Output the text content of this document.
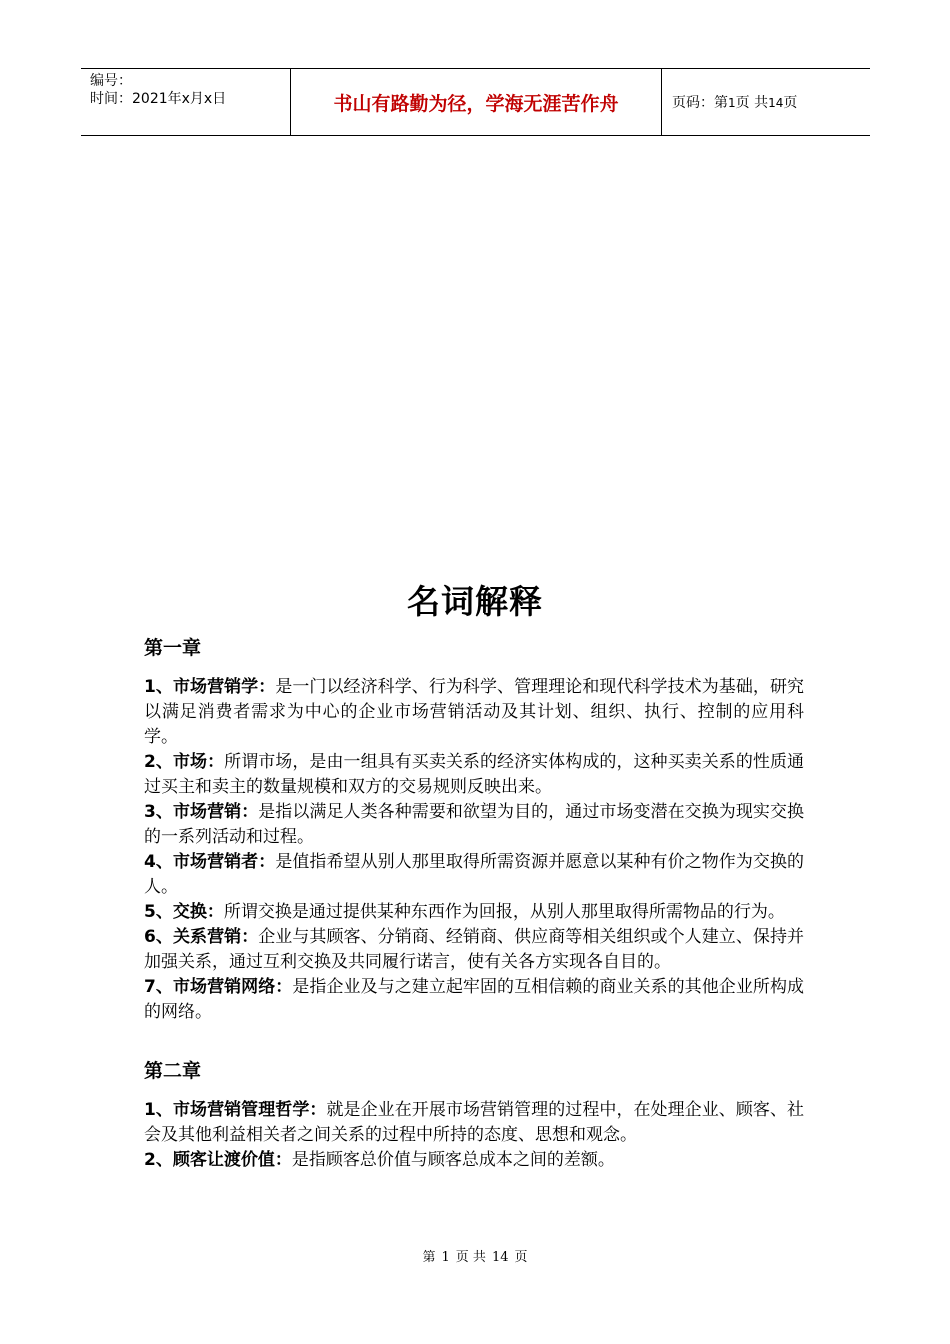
编号：
时间：2021年x月x日	书山有路勤为径，学海无涯苦作舟	页码：第1页 共14页
名词解释
第一章

1、市场营销学：是一门以经济科学、行为科学、管理理论和现代科学技术为基础，研究以满足消费者需求为中心的企业市场营销活动及其计划、组织、执行、控制的应用科学。

2、市场：所谓市场，是由一组具有买卖关系的经济实体构成的，这种买卖关系的性质通过买主和卖主的数量规模和双方的交易规则反映出来。

3、市场营销：是指以满足人类各种需要和欲望为目的，通过市场变潜在交换为现实交换的一系列活动和过程。

4、市场营销者：是值指希望从别人那里取得所需资源并愿意以某种有价之物作为交换的人。

5、交换：所谓交换是通过提供某种东西作为回报，从别人那里取得所需物品的行为。

6、关系营销：企业与其顾客、分销商、经销商、供应商等相关组织或个人建立、保持并加强关系，通过互利交换及共同履行诺言，使有关各方实现各自目的。

7、市场营销网络：是指企业及与之建立起牢固的互相信赖的商业关系的其他企业所构成的网络。

第二章

1、市场营销管理哲学：就是企业在开展市场营销管理的过程中，在处理企业、顾客、社会及其他利益相关者之间关系的过程中所持的态度、思想和观念。

2、顾客让渡价值：是指顾客总价值与顾客总成本之间的差额。

第 1 页 共 14 页
